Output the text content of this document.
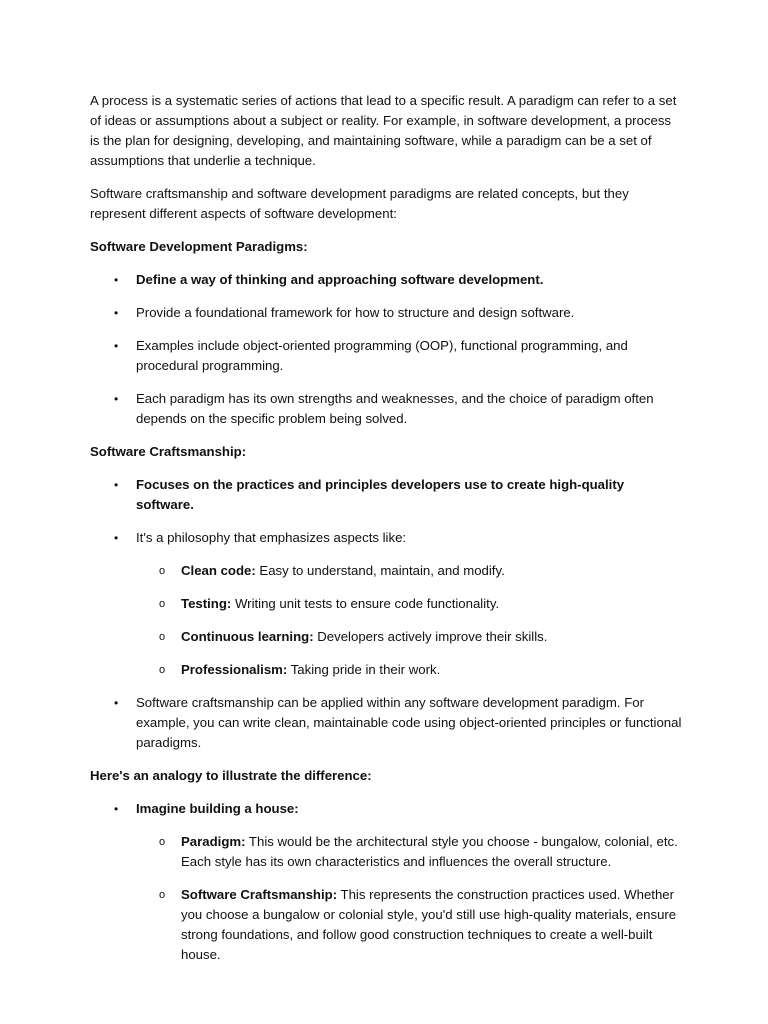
A process is a systematic series of actions that lead to a specific result. A paradigm can refer to a set of ideas or assumptions about a subject or reality. For example, in software development, a process is the plan for designing, developing, and maintaining software, while a paradigm can be a set of assumptions that underlie a technique.

Software craftsmanship and software development paradigms are related concepts, but they represent different aspects of software development:

Software Development Paradigms:
• Define a way of thinking and approaching software development.
• Provide a foundational framework for how to structure and design software.
• Examples include object-oriented programming (OOP), functional programming, and procedural programming.
• Each paradigm has its own strengths and weaknesses, and the choice of paradigm often depends on the specific problem being solved.
Software Craftsmanship:
• Focuses on the practices and principles developers use to create high-quality software.
• It's a philosophy that emphasizes aspects like:
o Clean code: Easy to understand, maintain, and modify.
o Testing: Writing unit tests to ensure code functionality.
o Continuous learning: Developers actively improve their skills.
o Professionalism: Taking pride in their work.
• Software craftsmanship can be applied within any software development paradigm. For example, you can write clean, maintainable code using object-oriented principles or functional paradigms.
Here's an analogy to illustrate the difference:
• Imagine building a house:
o Paradigm: This would be the architectural style you choose - bungalow, colonial, etc. Each style has its own characteristics and influences the overall structure.
o Software Craftsmanship: This represents the construction practices used. Whether you choose a bungalow or colonial style, you'd still use high-quality materials, ensure strong foundations, and follow good construction techniques to create a well-built house.
